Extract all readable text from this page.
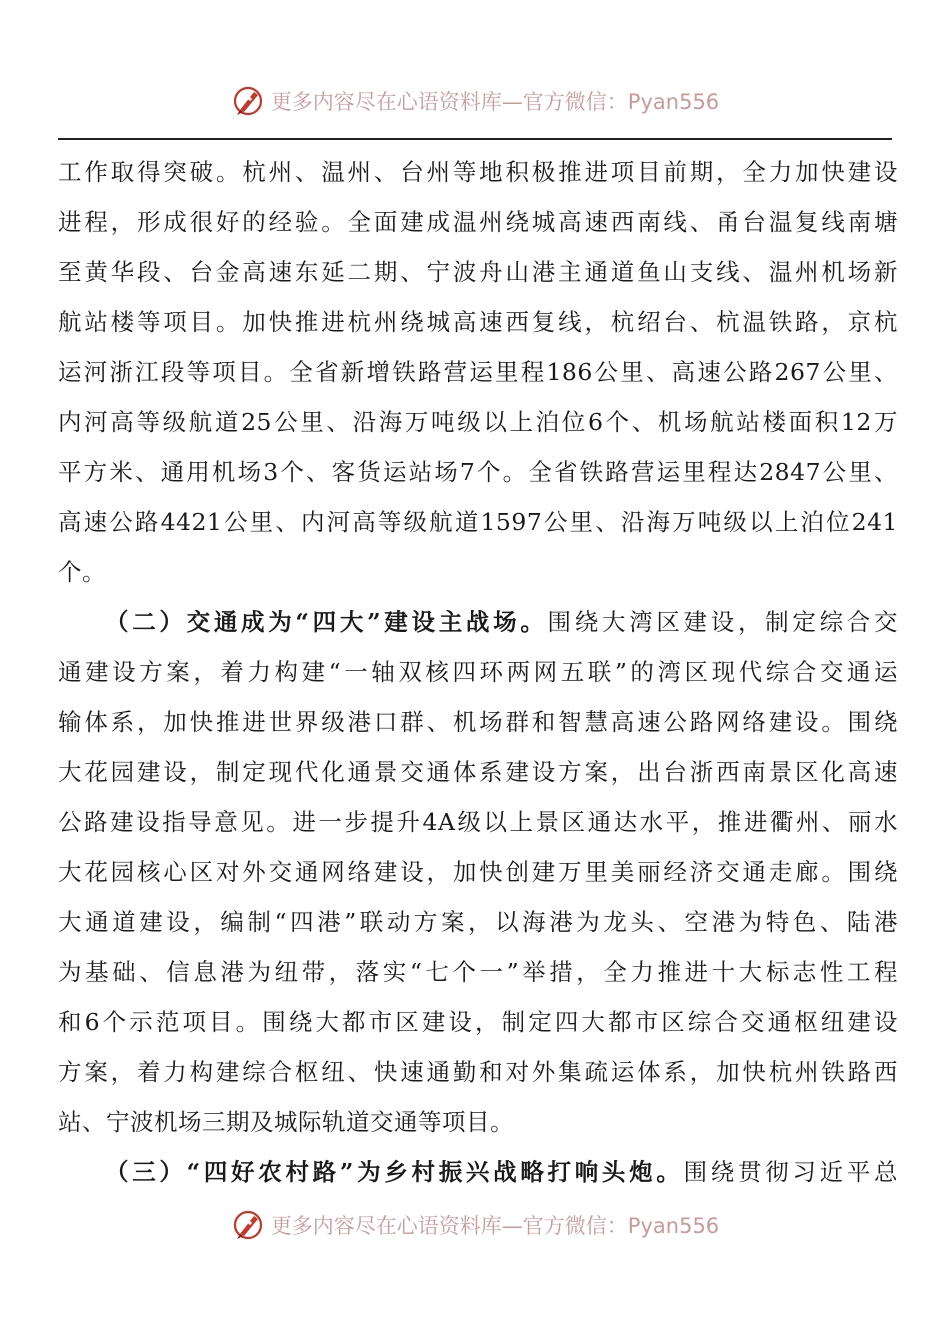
更多内容尽在心语资料库—官方微信：Pyan556
工作取得突破。杭州、温州、台州等地积极推进项目前期，全力加快建设
进程，形成很好的经验。全面建成温州绕城高速西南线、甬台温复线南塘
至黄华段、台金高速东延二期、宁波舟山港主通道鱼山支线、温州机场新
航站楼等项目。加快推进杭州绕城高速西复线，杭绍台、杭温铁路，京杭
运河浙江段等项目。全省新增铁路营运里程186公里、高速公路267公里、
内河高等级航道25公里、沿海万吨级以上泊位6个、机场航站楼面积12万
平方米、通用机场3个、客货运站场7个。全省铁路营运里程达2847公里、
高速公路4421公里、内河高等级航道1597公里、沿海万吨级以上泊位241
个。
（二）交通成为“四大”建设主战场。围绕大湾区建设，制定综合交
通建设方案，着力构建“一轴双核四环两网五联”的湾区现代综合交通运
输体系，加快推进世界级港口群、机场群和智慧高速公路网络建设。围绕
大花园建设，制定现代化通景交通体系建设方案，出台浙西南景区化高速
公路建设指导意见。进一步提升4A级以上景区通达水平，推进衢州、丽水
大花园核心区对外交通网络建设，加快创建万里美丽经济交通走廊。围绕
大通道建设，编制“四港”联动方案，以海港为龙头、空港为特色、陆港
为基础、信息港为纽带，落实“七个一”举措，全力推进十大标志性工程
和6个示范项目。围绕大都市区建设，制定四大都市区综合交通枢纽建设
方案，着力构建综合枢纽、快速通勤和对外集疏运体系，加快杭州铁路西
站、宁波机场三期及城际轨道交通等项目。
（三）“四好农村路”为乡村振兴战略打响头炮。围绕贯彻习近平总
更多内容尽在心语资料库—官方微信：Pyan556
